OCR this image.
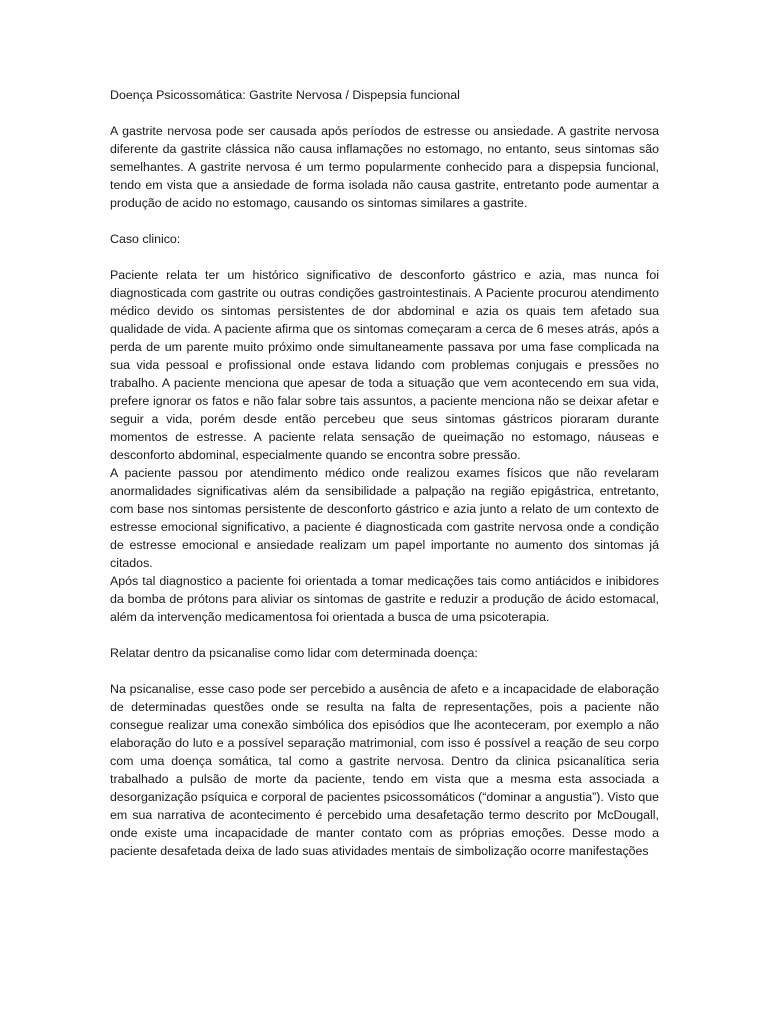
Doença Psicossomática: Gastrite Nervosa / Dispepsia funcional

A gastrite nervosa pode ser causada após períodos de estresse ou ansiedade. A gastrite nervosa diferente da gastrite clássica não causa inflamações no estomago, no entanto, seus sintomas são semelhantes. A gastrite nervosa é um termo popularmente conhecido para a dispepsia funcional, tendo em vista que a ansiedade de forma isolada não causa gastrite, entretanto pode aumentar a produção de acido no estomago, causando os sintomas similares a gastrite.

Caso clinico:

Paciente relata ter um histórico significativo de desconforto gástrico e azia, mas nunca foi diagnosticada com gastrite ou outras condições gastrointestinais. A Paciente procurou atendimento médico devido os sintomas persistentes de dor abdominal e azia os quais tem afetado sua qualidade de vida. A paciente afirma que os sintomas começaram a cerca de 6 meses atrás, após a perda de um parente muito próximo onde simultaneamente passava por uma fase complicada na sua vida pessoal e profissional onde estava lidando com problemas conjugais e pressões no trabalho. A paciente menciona que apesar de toda a situação que vem acontecendo em sua vida, prefere ignorar os fatos e não falar sobre tais assuntos, a paciente menciona não se deixar afetar e seguir a vida, porém desde então percebeu que seus sintomas gástricos pioraram durante momentos de estresse. A paciente relata sensação de queimação no estomago, náuseas e desconforto abdominal, especialmente quando se encontra sobre pressão.

A paciente passou por atendimento médico onde realizou exames físicos que não revelaram anormalidades significativas além da sensibilidade a palpação na região epigástrica, entretanto, com base nos sintomas persistente de desconforto gástrico e azia junto a relato de um contexto de estresse emocional significativo, a paciente é diagnosticada com gastrite nervosa onde a condição de estresse emocional e ansiedade realizam um papel importante no aumento dos sintomas já citados.

Após tal diagnostico a paciente foi orientada a tomar medicações tais como antiácidos e inibidores da bomba de prótons para aliviar os sintomas de gastrite e reduzir a produção de ácido estomacal, além da intervenção medicamentosa foi orientada a busca de uma psicoterapia.

Relatar dentro da psicanalise como lidar com determinada doença:

Na psicanalise, esse caso pode ser percebido a ausência de afeto e a incapacidade de elaboração de determinadas questões onde se resulta na falta de representações, pois a paciente não consegue realizar uma conexão simbólica dos episódios que lhe aconteceram, por exemplo a não elaboração do luto e a possível separação matrimonial, com isso é possível a reação de seu corpo com uma doença somática, tal como a gastrite nervosa. Dentro da clinica psicanalítica seria trabalhado a pulsão de morte da paciente, tendo em vista que a mesma esta associada a desorganização psíquica e corporal de pacientes psicossomáticos (“dominar a angustia”). Visto que em sua narrativa de acontecimento é percebido uma desafetação termo descrito por McDougall, onde existe uma incapacidade de manter contato com as próprias emoções. Desse modo a paciente desafetada deixa de lado suas atividades mentais de simbolização ocorre manifestações
